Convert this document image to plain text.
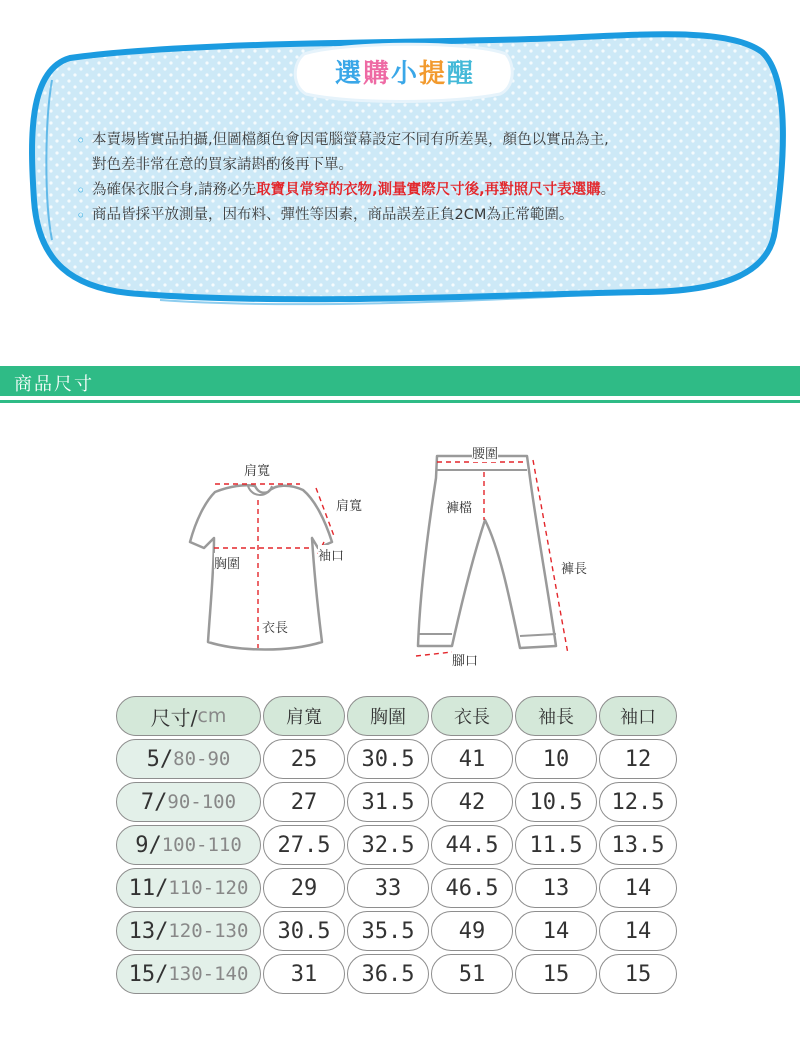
選 購 小 提 醒
◦ 本賣場皆實品拍攝,但圖檔顏色會因電腦螢幕設定不同有所差異，顏色以實品為主,
對色差非常在意的買家請斟酌後再下單。
◦ 為確保衣服合身,請務必先取寶貝常穿的衣物,測量實際尺寸後,再對照尺寸表選購。
◦ 商品皆採平放測量，因布料、彈性等因素，商品誤差正負2CM為正常範圍。
商品尺寸
肩寬
肩寬
胸圍
袖口
衣長
腰圍
褲檔
褲長
腳口
尺寸/ cm	肩寬	胸圍	衣長	袖長	袖口
5/ 80-90	25	30.5	41	10	12
7/ 90-100	27	31.5	42	10.5	12.5
9/ 100-110	27.5	32.5	44.5	11.5	13.5
11/ 110-120	29	33	46.5	13	14
13/ 120-130	30.5	35.5	49	14	14
15/ 130-140	31	36.5	51	15	15
